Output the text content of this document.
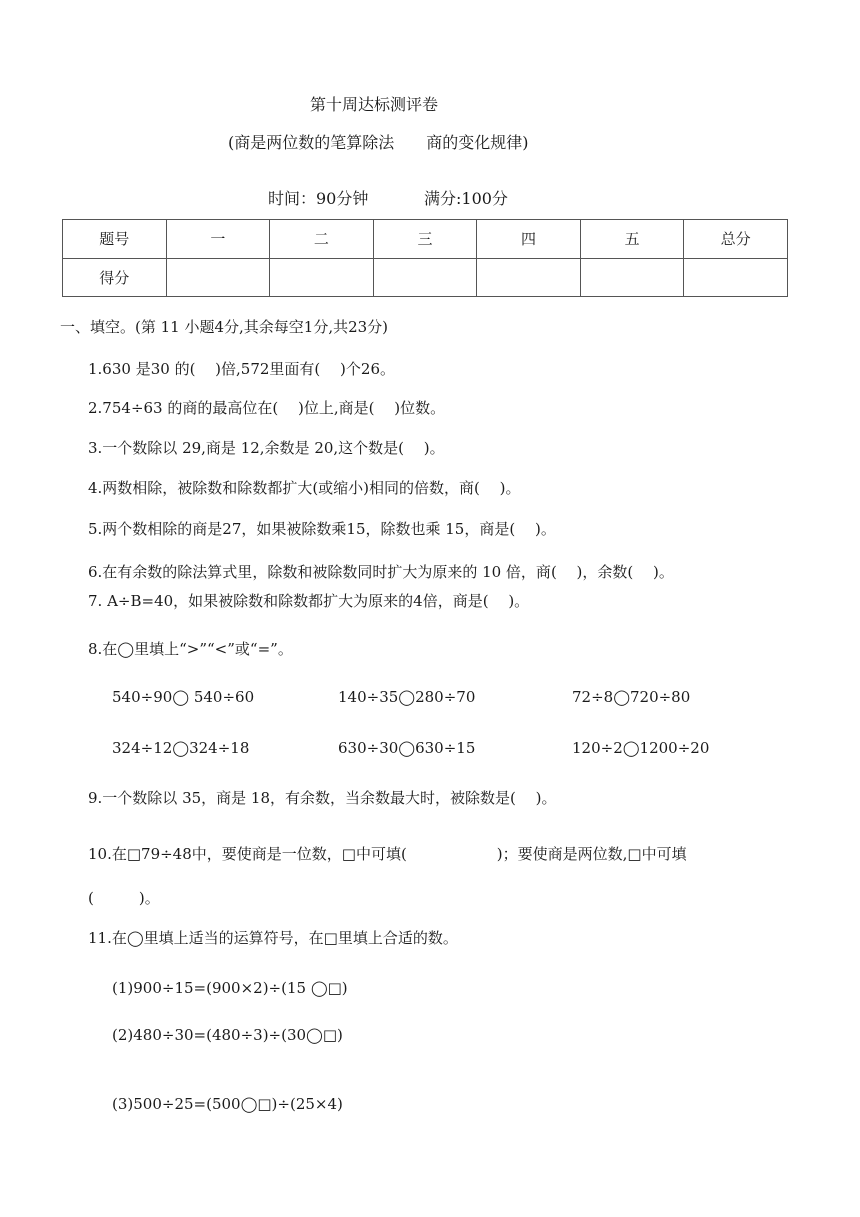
第十周达标测评卷
(商是两位数的笔算除法　　商的变化规律)
时间：90分钟	满分:100分
题号	一	二	三	四	五	总分
得分						
一、填空。(第 11 小题4分,其余每空1分,共23分)
1.630 是30 的(　 )倍,572里面有(　 )个26。
2.754÷63 的商的最高位在(　 )位上,商是(　 )位数。
3.一个数除以 29,商是 12,余数是 20,这个数是(　 )。
4.两数相除，被除数和除数都扩大(或缩小)相同的倍数，商(　 )。
5.两个数相除的商是27，如果被除数乘15，除数也乘 15，商是(　 )。
6.在有余数的除法算式里，除数和被除数同时扩大为原来的 10 倍，商(　 )，余数(　 )。
7. A÷B=40，如果被除数和除数都扩大为原来的4倍，商是(　 )。
8.在◯里填上“>”“<”或“=”。
540÷90◯ 540÷60	140÷35◯280÷70	72÷8◯720÷80
324÷12◯324÷18	630÷30◯630÷15	120÷2◯1200÷20
9.一个数除以 35，商是 18，有余数，当余数最大时，被除数是(　 )。
10.在□79÷48中，要使商是一位数，□中可填(　　　　　　)；要使商是两位数,□中可填
(　　　)。
11.在◯里填上适当的运算符号，在□里填上合适的数。
(1)900÷15=(900×2)÷(15 ◯□)
(2)480÷30=(480÷3)÷(30◯□)
(3)500÷25=(500◯□)÷(25×4)
